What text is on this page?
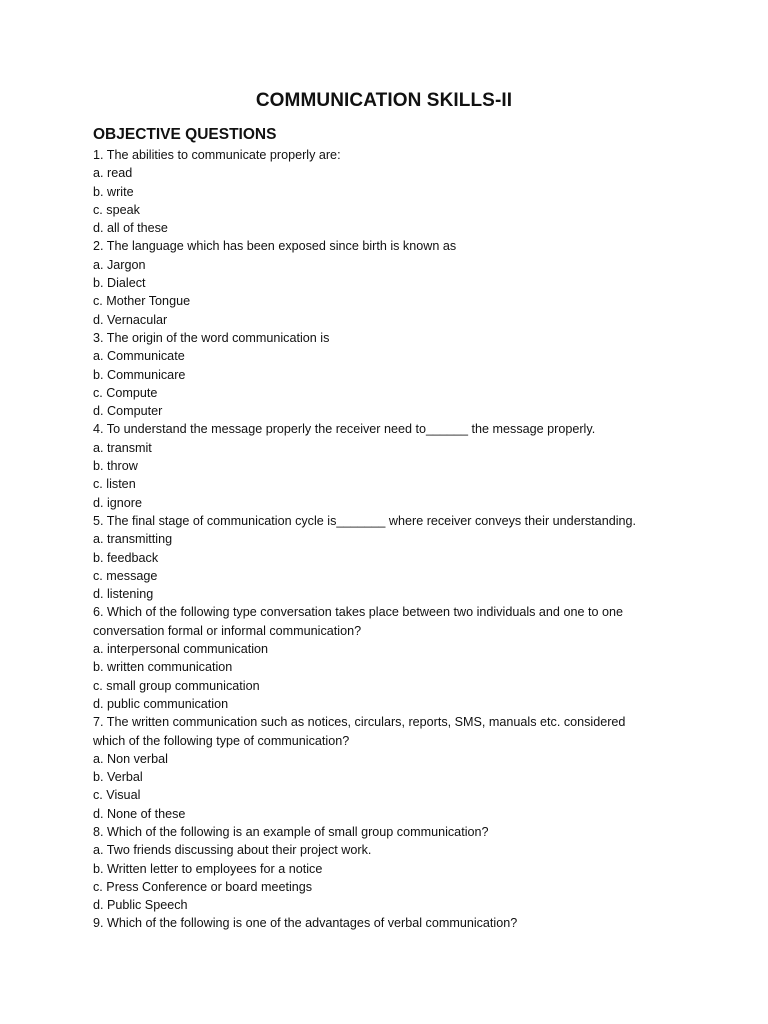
COMMUNICATION SKILLS-II
OBJECTIVE QUESTIONS
1. The abilities to communicate properly are:
a. read
b. write
c. speak
d. all of these
2. The language which has been exposed since birth is known as
a. Jargon
b. Dialect
c. Mother Tongue
d. Vernacular
3. The origin of the word communication is
a. Communicate
b. Communicare
c. Compute
d. Computer
4. To understand the message properly the receiver need to______ the message properly.
a. transmit
b. throw
c. listen
d. ignore
5. The final stage of communication cycle is_______ where receiver conveys their understanding.
a. transmitting
b. feedback
c. message
d. listening
6. Which of the following type conversation takes place between two individuals and one to one
conversation formal or informal communication?
a. interpersonal communication
b. written communication
c. small group communication
d. public communication
7. The written communication such as notices, circulars, reports, SMS, manuals etc. considered
which of the following type of communication?
a. Non verbal
b. Verbal
c. Visual
d. None of these
8. Which of the following is an example of small group communication?
a. Two friends discussing about their project work.
b. Written letter to employees for a notice
c. Press Conference or board meetings
d. Public Speech
9. Which of the following is one of the advantages of verbal communication?
